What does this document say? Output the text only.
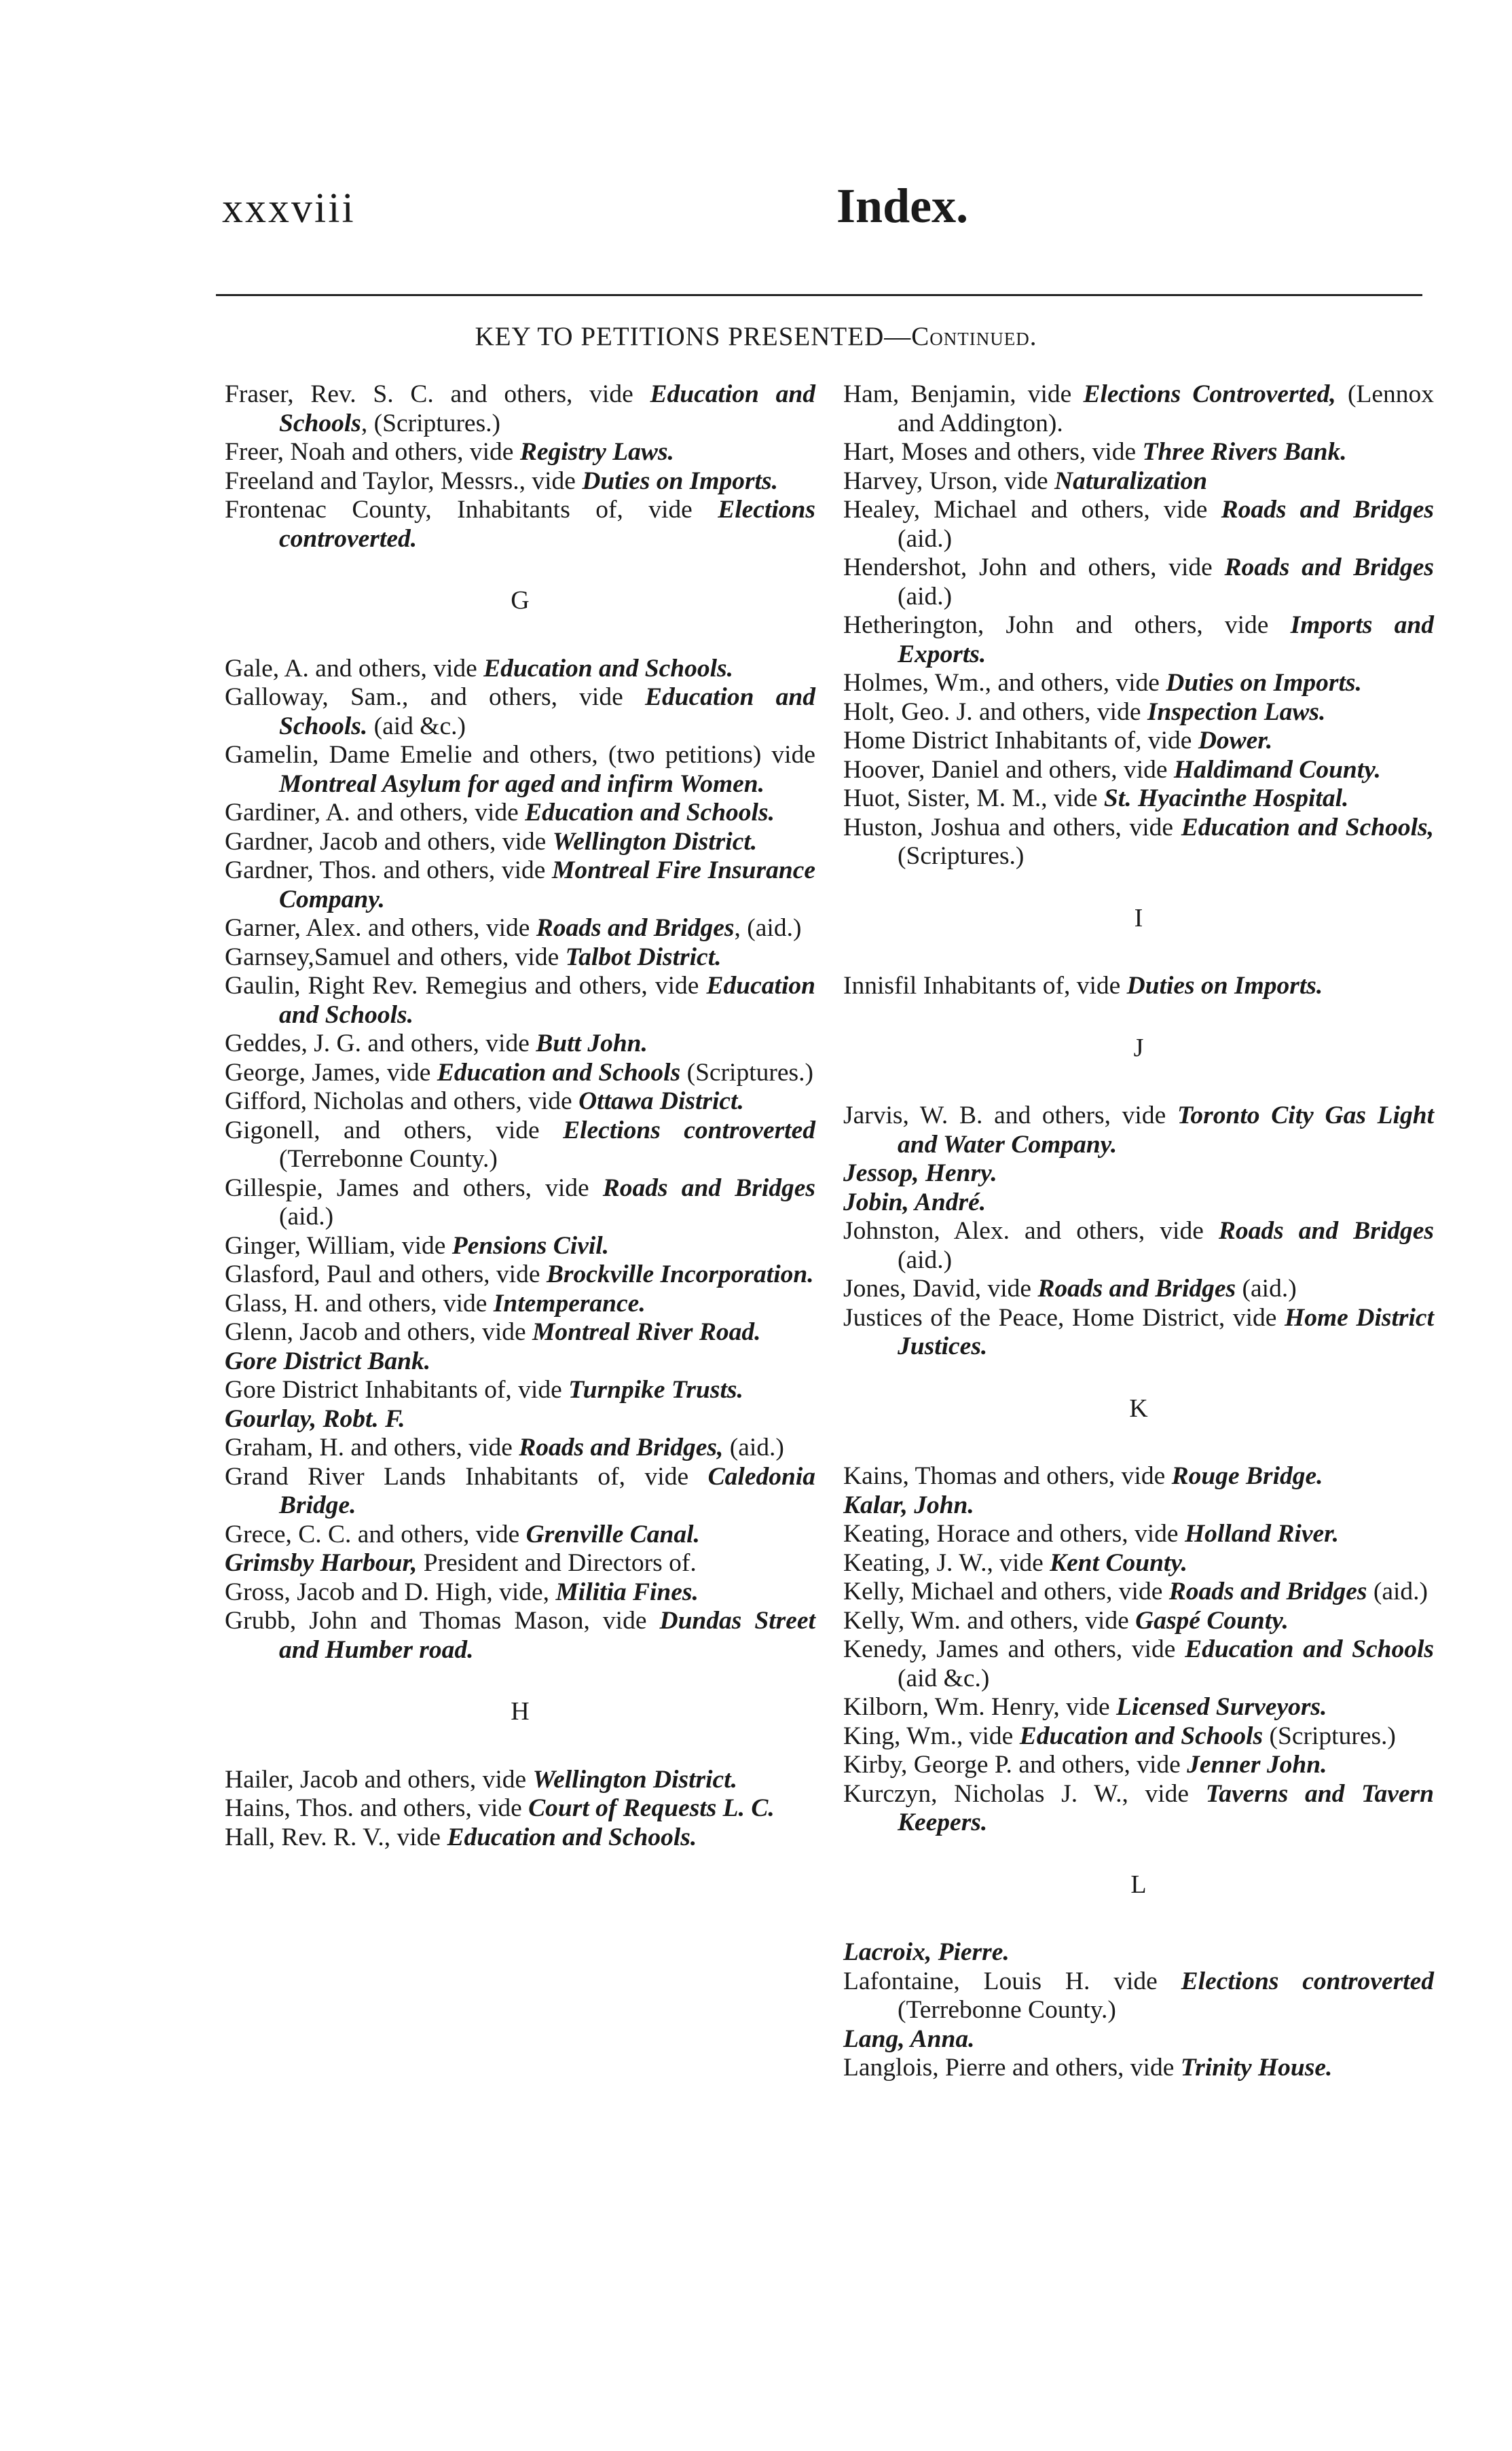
xxxviii	Index.
KEY TO PETITIONS PRESENTED—Continued.
Fraser, Rev. S. C. and others, vide Education and Schools, (Scriptures.)
Freer, Noah and others, vide Registry Laws.
Freeland and Taylor, Messrs., vide Duties on Imports.
Frontenac County, Inhabitants of, vide Elections controverted.
G
Gale, A. and others, vide Education and Schools.
Galloway, Sam., and others, vide Education and Schools. (aid &c.)
Gamelin, Dame Emelie and others, (two petitions) vide Montreal Asylum for aged and infirm Women.
Gardiner, A. and others, vide Education and Schools.
Gardner, Jacob and others, vide Wellington District.
Gardner, Thos. and others, vide Montreal Fire Insurance Company.
Garner, Alex. and others, vide Roads and Bridges, (aid.)
Garnsey,Samuel and others, vide Talbot District.
Gaulin, Right Rev. Remegius and others, vide Education and Schools.
Geddes, J. G. and others, vide Butt John.
George, James, vide Education and Schools (Scriptures.)
Gifford, Nicholas and others, vide Ottawa District.
Gigonell, and others, vide Elections controverted (Terrebonne County.)
Gillespie, James and others, vide Roads and Bridges (aid.)
Ginger, William, vide Pensions Civil.
Glasford, Paul and others, vide Brockville Incorporation.
Glass, H. and others, vide Intemperance.
Glenn, Jacob and others, vide Montreal River Road.
Gore District Bank.
Gore District Inhabitants of, vide Turnpike Trusts.
Gourlay, Robt. F.
Graham, H. and others, vide Roads and Bridges, (aid.)
Grand River Lands Inhabitants of, vide Caledonia Bridge.
Grece, C. C. and others, vide Grenville Canal.
Grimsby Harbour, President and Directors of.
Gross, Jacob and D. High, vide, Militia Fines.
Grubb, John and Thomas Mason, vide Dundas Street and Humber road.
H
Hailer, Jacob and others, vide Wellington District.
Hains, Thos. and others, vide Court of Requests L. C.
Hall, Rev. R. V., vide Education and Schools.
Ham, Benjamin, vide Elections Controverted, (Lennox and Addington).
Hart, Moses and others, vide Three Rivers Bank.
Harvey, Urson, vide Naturalization
Healey, Michael and others, vide Roads and Bridges (aid.)
Hendershot, John and others, vide Roads and Bridges (aid.)
Hetherington, John and others, vide Imports and Exports.
Holmes, Wm., and others, vide Duties on Imports.
Holt, Geo. J. and others, vide Inspection Laws.
Home District Inhabitants of, vide Dower.
Hoover, Daniel and others, vide Haldimand County.
Huot, Sister, M. M., vide St. Hyacinthe Hospital.
Huston, Joshua and others, vide Education and Schools, (Scriptures.)
I
Innisfil Inhabitants of, vide Duties on Imports.
J
Jarvis, W. B. and others, vide Toronto City Gas Light and Water Company.
Jessop, Henry.
Jobin, André.
Johnston, Alex. and others, vide Roads and Bridges (aid.)
Jones, David, vide Roads and Bridges (aid.)
Justices of the Peace, Home District, vide Home District Justices.
K
Kains, Thomas and others, vide Rouge Bridge.
Kalar, John.
Keating, Horace and others, vide Holland River.
Keating, J. W., vide Kent County.
Kelly, Michael and others, vide Roads and Bridges (aid.)
Kelly, Wm. and others, vide Gaspé County.
Kenedy, James and others, vide Education and Schools (aid &c.)
Kilborn, Wm. Henry, vide Licensed Surveyors.
King, Wm., vide Education and Schools (Scriptures.)
Kirby, George P. and others, vide Jenner John.
Kurczyn, Nicholas J. W., vide Taverns and Tavern Keepers.
L
Lacroix, Pierre.
Lafontaine, Louis H. vide Elections controverted (Terrebonne County.)
Lang, Anna.
Langlois, Pierre and others, vide Trinity House.
